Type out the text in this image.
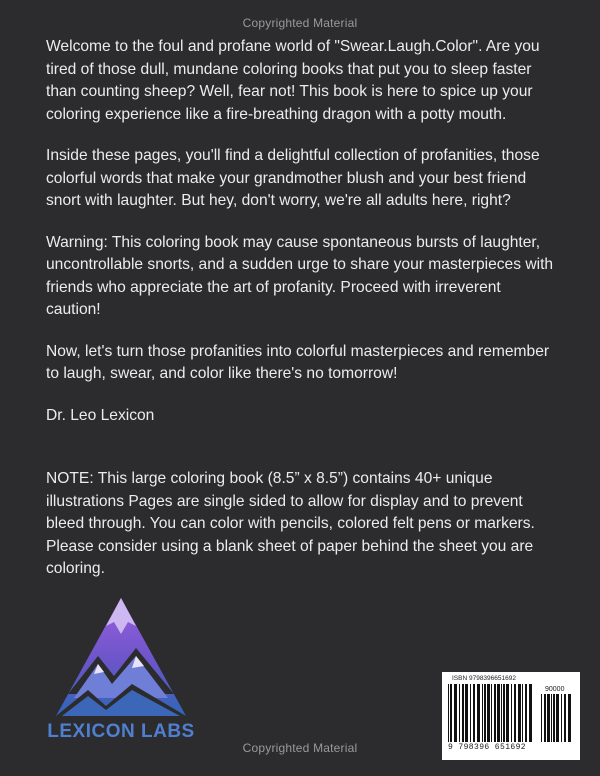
Copyrighted Material

Welcome to the foul and profane world of "Swear.Laugh.Color". Are you tired of those dull, mundane coloring books that put you to sleep faster than counting sheep? Well, fear not! This book is here to spice up your coloring experience like a fire-breathing dragon with a potty mouth.

Inside these pages, you'll find a delightful collection of profanities, those colorful words that make your grandmother blush and your best friend snort with laughter. But hey, don't worry, we're all adults here, right?

Warning: This coloring book may cause spontaneous bursts of laughter, uncontrollable snorts, and a sudden urge to share your masterpieces with friends who appreciate the art of profanity. Proceed with irreverent caution!

Now, let's turn those profanities into colorful masterpieces and remember to laugh, swear, and color like there's no tomorrow!

Dr. Leo Lexicon

NOTE: This large coloring book (8.5” x 8.5”) contains 40+ unique illustrations Pages are single sided to allow for display and to prevent bleed through. You can color with pencils, colored felt pens or markers. Please consider using a blank sheet of paper behind the sheet you are coloring.

LEXICON LABS
ISBN 9798396651692
90000
9 798396 651692
Copyrighted Material
